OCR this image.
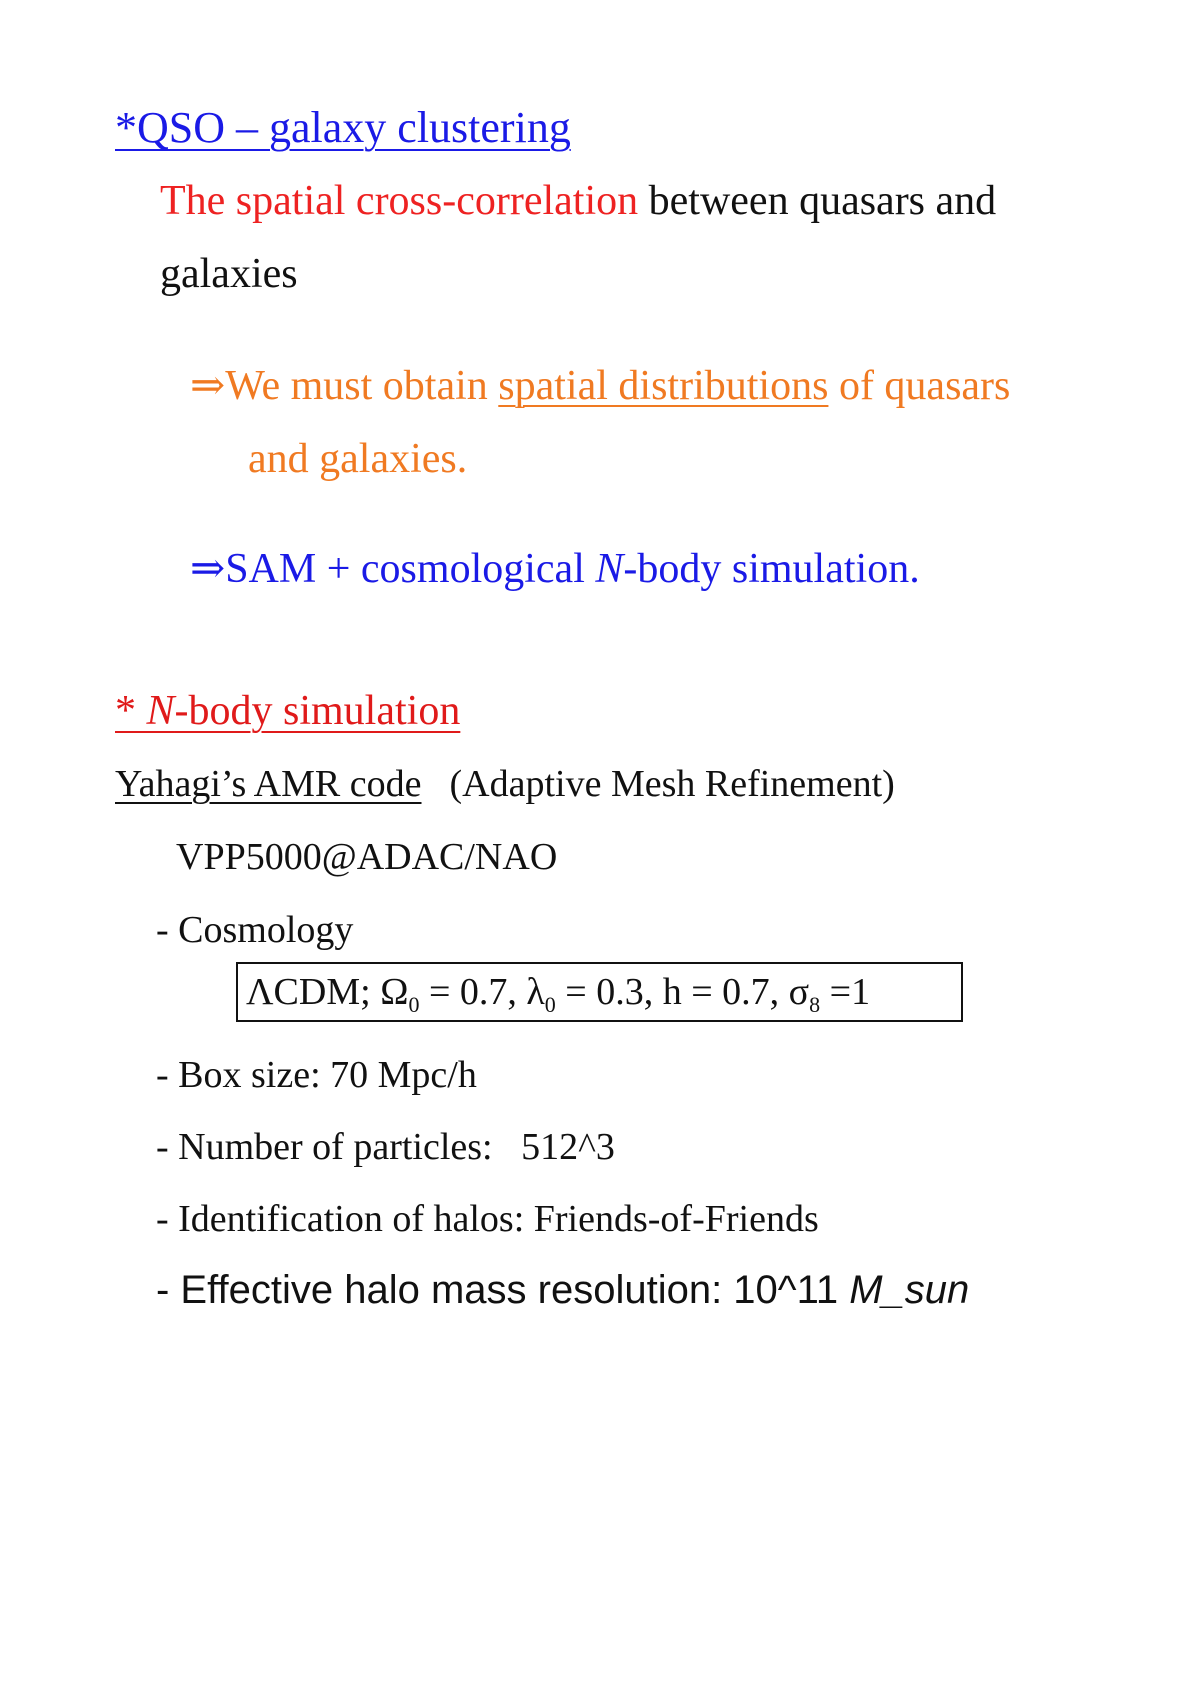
*QSO – galaxy clustering
The spatial cross-correlation between quasars and
galaxies
⇒We must obtain spatial distributions of quasars
and galaxies.
⇒SAM + cosmological N-body simulation.
* N-body simulation
Yahagi’s AMR code (Adaptive Mesh Refinement)
VPP5000@ADAC/NAO
- Cosmology
ΛCDM; $\Omega_0 = 0.7$, $\lambda_0 = 0.3$, h = 0.7, $\sigma_8 =1$
- Box size: 70 Mpc/h
- Number of particles:   512^3
- Identification of halos: Friends-of-Friends
- Effective halo mass resolution: 10^11 M_sun
